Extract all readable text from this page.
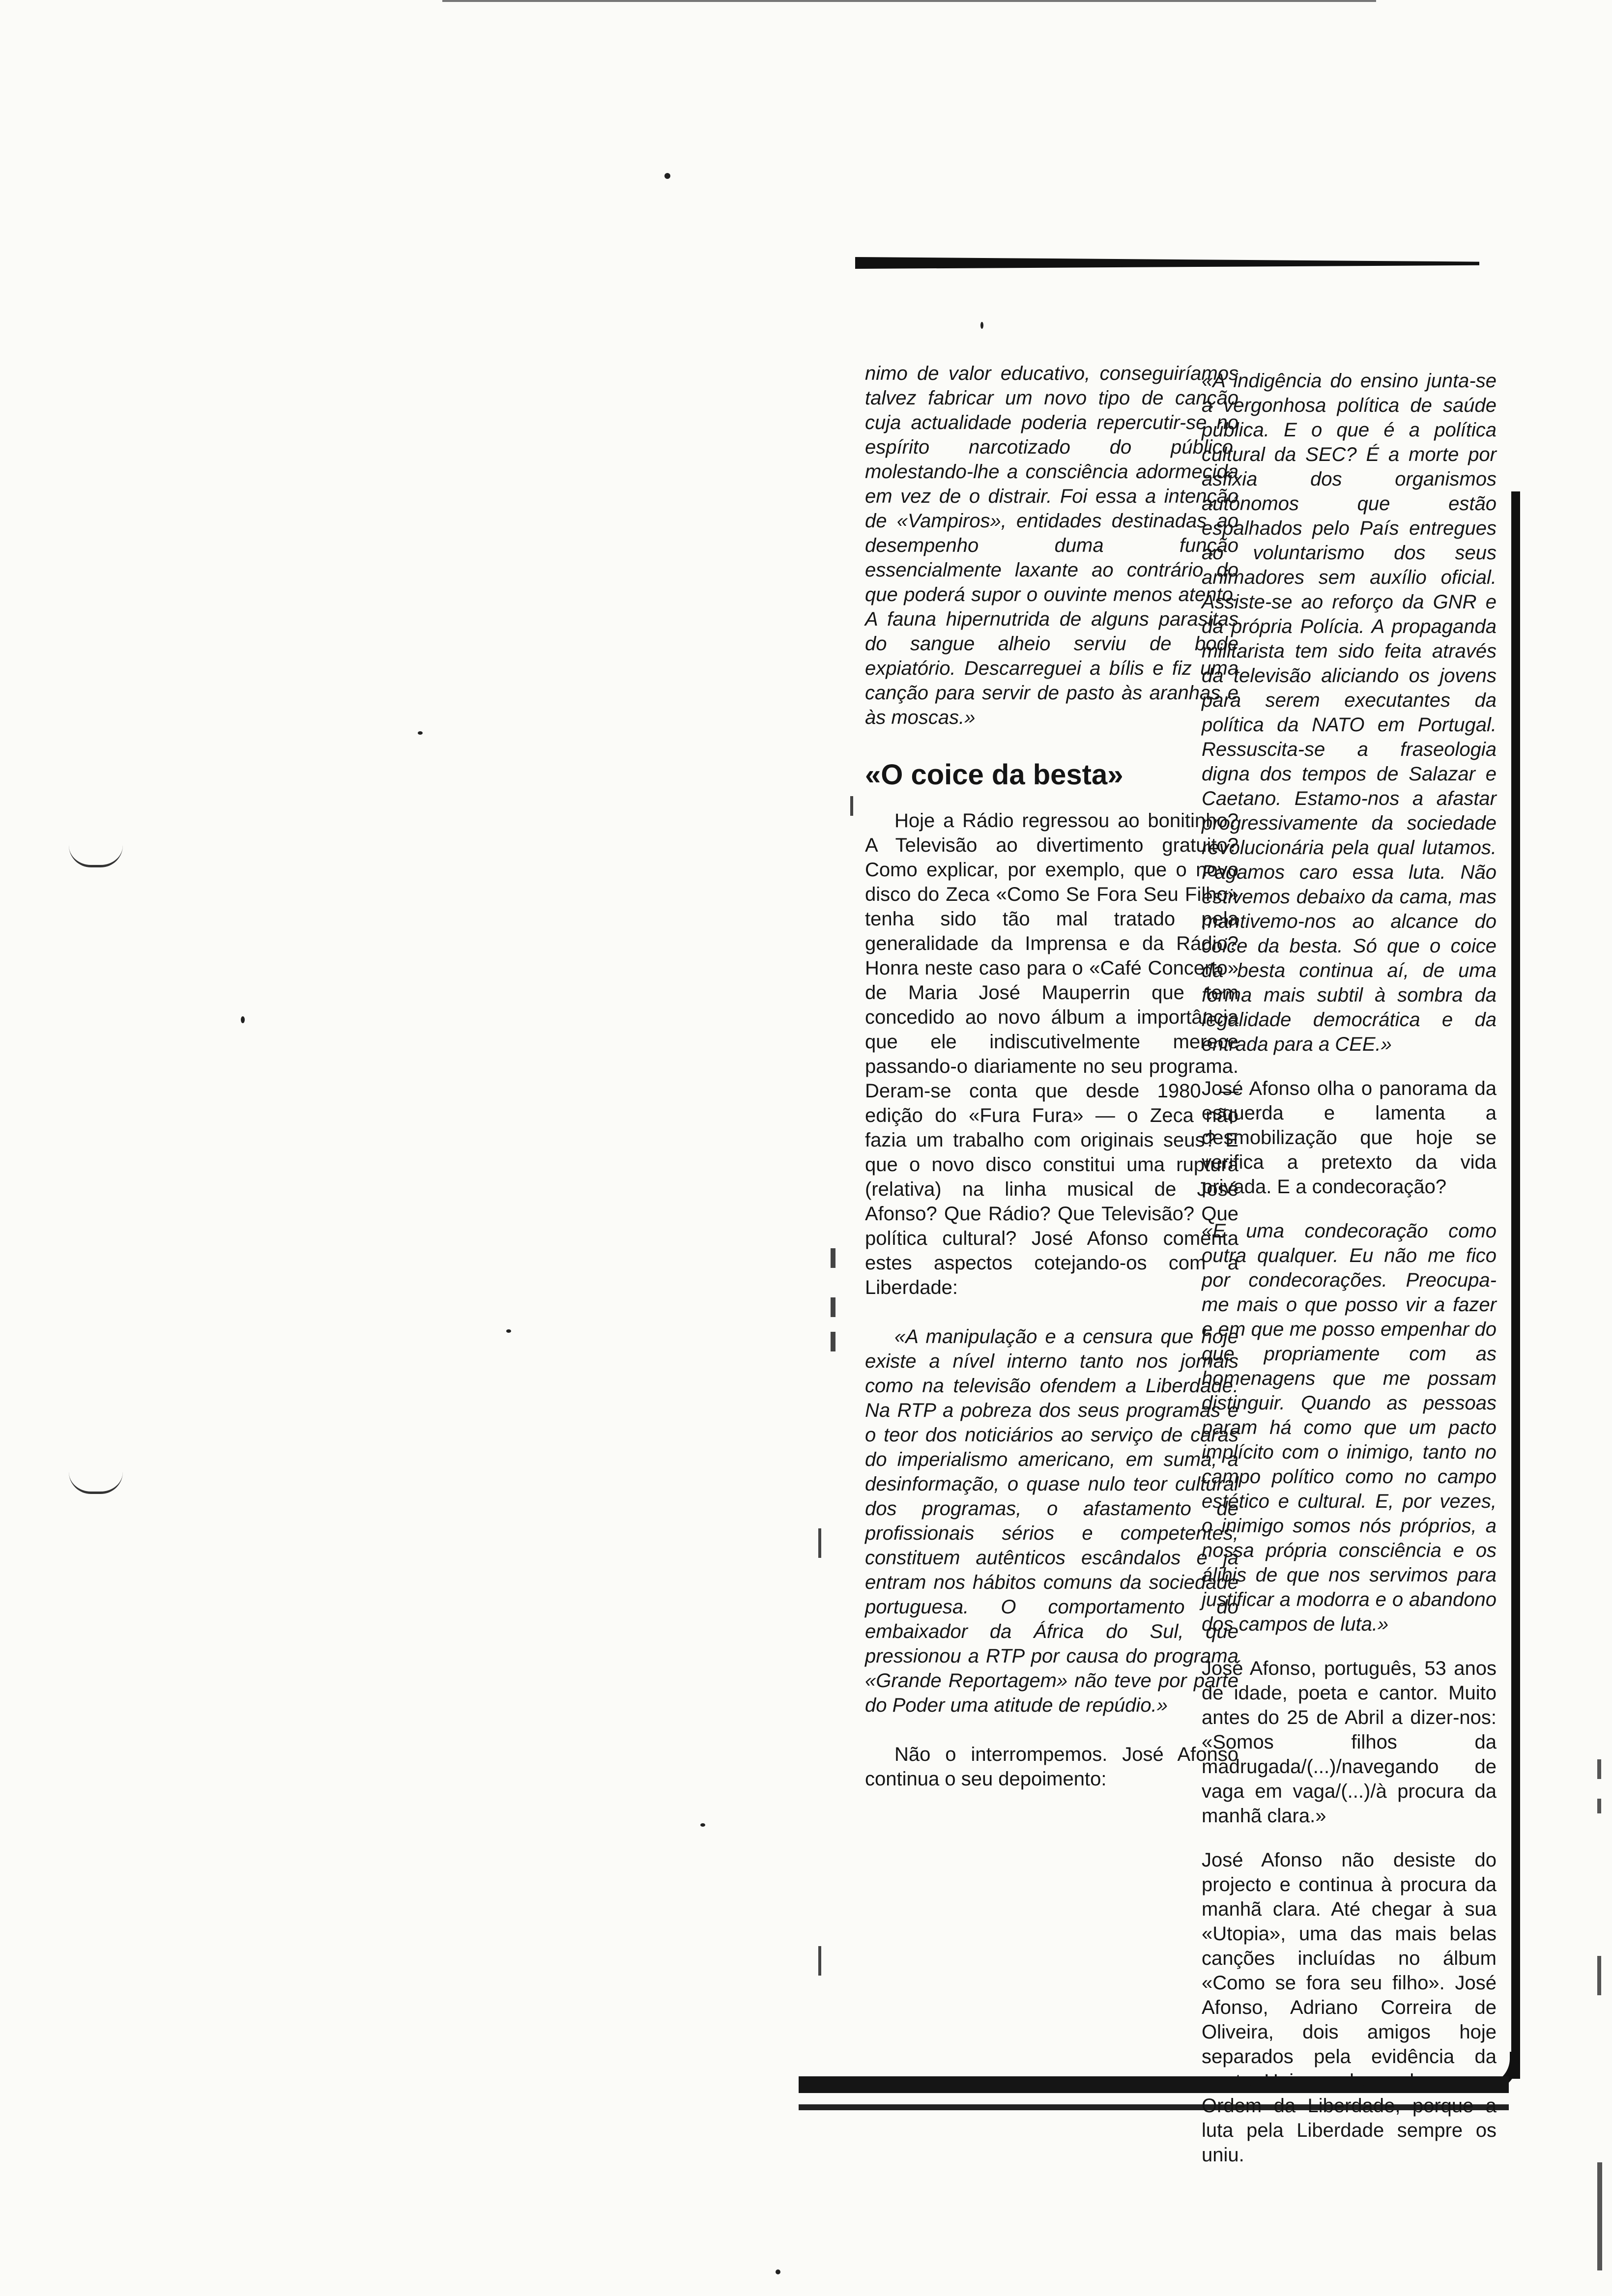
nimo de valor educativo, conseguiríamos talvez fabricar um novo tipo de canção cuja actualidade poderia repercutir-se no espírito narcotizado do público, molestando-lhe a consciência adormecida em vez de o distrair. Foi essa a intenção de «Vampiros», entidades destinadas ao desempenho duma função essencialmente laxante ao contrário do que poderá supor o ouvinte menos atento. A fauna hipernutrida de alguns parasitas do sangue alheio serviu de bode expiatório. Descarreguei a bílis e fiz uma canção para servir de pasto às aranhas e às moscas.»

«O coice da besta»

Hoje a Rádio regressou ao bonitinho? A Televisão ao divertimento gratuito? Como explicar, por exemplo, que o novo disco do Zeca «Como Se Fora Seu Filho» tenha sido tão mal tratado pela generalidade da Imprensa e da Rádio? Honra neste caso para o «Café Concerto» de Maria José Mauperrin que tem concedido ao novo álbum a importância que ele indiscutivelmente merece passando-o diariamente no seu programa. Deram-se conta que desde 1980 — edição do «Fura Fura» — o Zeca não fazia um trabalho com originais seus? E que o novo disco constitui uma ruptura (relativa) na linha musical de José Afonso? Que Rádio? Que Televisão? Que política cultural? José Afonso comenta estes aspectos cotejando-os com a Liberdade:

«A manipulação e a censura que hoje existe a nível interno tanto nos jornais como na televisão ofendem a Liberdade. Na RTP a pobreza dos seus programas e o teor dos noticiários ao serviço de caras do imperialismo americano, em suma, a desinformação, o quase nulo teor cultural dos programas, o afastamento de profissionais sérios e competentes, constituem autênticos escândalos e já entram nos hábitos comuns da sociedade portuguesa. O comportamento do embaixador da África do Sul, que pressionou a RTP por causa do programa «Grande Reportagem» não teve por parte do Poder uma atitude de repúdio.»

Não o interrompemos. José Afonso continua o seu depoimento:

«A indigência do ensino junta-se a vergonhosa política de saúde pública. E o que é a política cultural da SEC? É a morte por asfixia dos organismos autónomos que estão espalhados pelo País entregues ao voluntarismo dos seus animadores sem auxílio oficial. Assiste-se ao reforço da GNR e da própria Polícia. A propaganda militarista tem sido feita através da televisão aliciando os jovens para serem executantes da política da NATO em Portugal. Ressuscita-se a fraseologia digna dos tempos de Salazar e Caetano. Estamo-nos a afastar progressivamente da sociedade revolucionária pela qual lutamos. Pagamos caro essa luta. Não estivemos debaixo da cama, mas mantivemo-nos ao alcance do coice da besta. Só que o coice da besta continua aí, de uma forma mais subtil à sombra da legalidade democrática e da entrada para a CEE.»

José Afonso olha o panorama da esquerda e lamenta a desmobilização que hoje se verifica a pretexto da vida privada. E a condecoração?

«E uma condecoração como outra qualquer. Eu não me fico por condecorações. Preocupa-me mais o que posso vir a fazer e em que me posso empenhar do que propriamente com as homenagens que me possam distinguir. Quando as pessoas param há como que um pacto implícito com o inimigo, tanto no campo político como no campo estético e cultural. E, por vezes, o inimigo somos nós próprios, a nossa própria consciência e os álibis de que nos servimos para justificar a modorra e o abandono dos campos de luta.»

José Afonso, português, 53 anos de idade, poeta e cantor. Muito antes do 25 de Abril a dizer-nos: «Somos filhos da madrugada/(...)/navegando de vaga em vaga/(...)/à procura da manhã clara.»

José Afonso não desiste do projecto e continua à procura da manhã clara. Até chegar à sua «Utopia», uma das mais belas canções incluídas no álbum «Como se fora seu filho». José Afonso, Adriano Correira de Oliveira, dois amigos hoje separados pela evidência da morte. Hoje condecorados com a Ordem da Liberdade, porque a luta pela Liberdade sempre os uniu.
